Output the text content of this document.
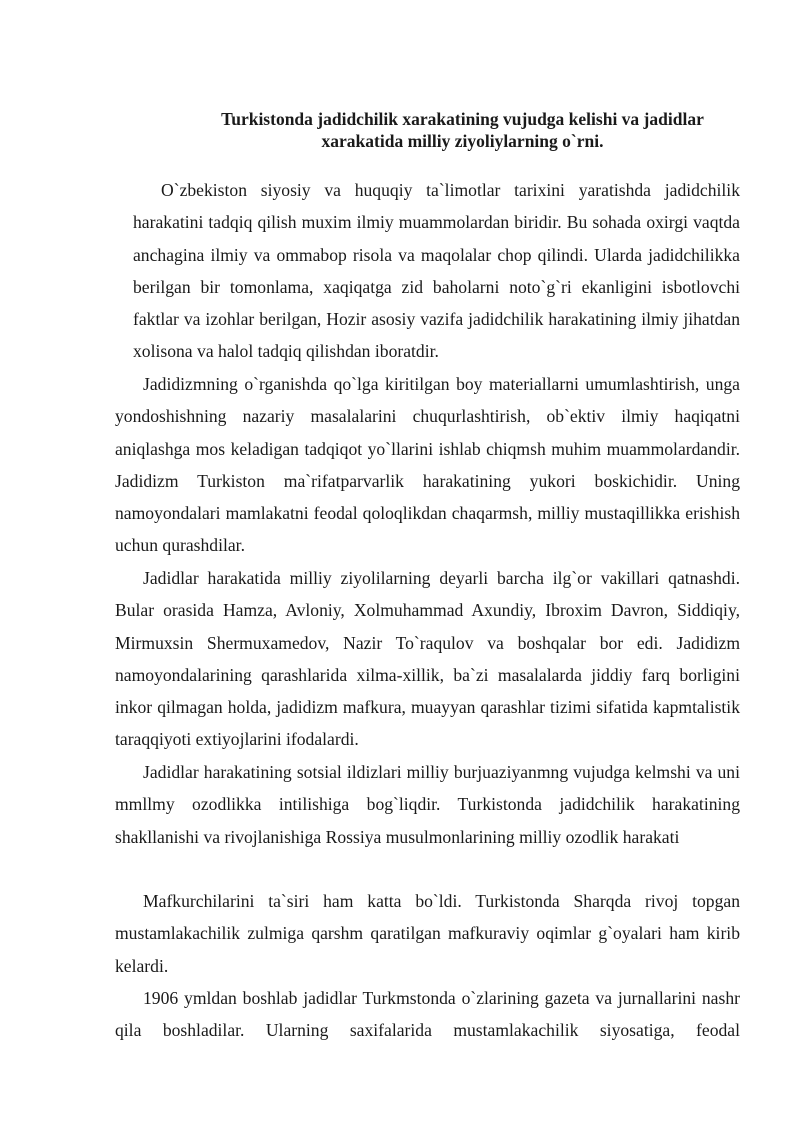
Turkistonda jadidchilik xarakatining vujudga kelishi va jadidlar
xarakatida milliy ziyoliylarning o`rni.

O`zbekiston siyosiy va huquqiy ta`limotlar tarixini yaratishda jadidchilik harakatini tadqiq qilish muxim ilmiy muammolardan biridir. Bu sohada oxirgi vaqtda anchagina ilmiy va ommabop risola va maqolalar chop qilindi. Ularda jadidchilikka berilgan bir tomonlama, xaqiqatga zid baholarni noto`g`ri ekanligini isbotlovchi faktlar va izohlar berilgan, Hozir asosiy vazifa jadidchilik harakatining ilmiy jihatdan xolisona va halol tadqiq qilishdan iboratdir.

Jadidizmning o`rganishda qo`lga kiritilgan boy materiallarni umumlashtirish, unga yondoshishning nazariy masalalarini chuqurlashtirish, ob`ektiv ilmiy haqiqatni aniqlashga mos keladigan tadqiqot yo`llarini ishlab chiqmsh muhim muammolardandir. Jadidizm Turkiston ma`rifatparvarlik harakatining yukori boskichidir. Uning namoyondalari mamlakatni feodal qoloqlikdan chaqarmsh, milliy mustaqillikka erishish uchun qurashdilar.

Jadidlar harakatida milliy ziyolilarning deyarli barcha ilg`or vakillari qatnashdi. Bular orasida Hamza, Avloniy, Xolmuhammad Axundiy, Ibroxim Davron, Siddiqiy, Mirmuxsin Shermuxamedov, Nazir To`raqulov va boshqalar bor edi. Jadidizm namoyondalarining qarashlarida xilma-xillik, ba`zi masalalarda jiddiy farq borligini inkor qilmagan holda, jadidizm mafkura, muayyan qarashlar tizimi sifatida kapmtalistik taraqqiyoti extiyojlarini ifodalardi.

Jadidlar harakatining sotsial ildizlari milliy burjuaziyanmng vujudga kelmshi va uni mmllmy ozodlikka intilishiga bog`liqdir. Turkistonda jadidchilik harakatining shakllanishi va rivojlanishiga Rossiya musulmonlarining milliy ozodlik harakati

Mafkurchilarini ta`siri ham katta bo`ldi. Turkistonda Sharqda rivoj topgan mustamlakachilik zulmiga qarshm qaratilgan mafkuraviy oqimlar g`oyalari ham kirib kelardi.

1906 ymldan boshlab jadidlar Turkmstonda o`zlarining gazeta va jurnallarini nashr qila boshladilar. Ularning saxifalarida mustamlakachilik siyosatiga, feodal
